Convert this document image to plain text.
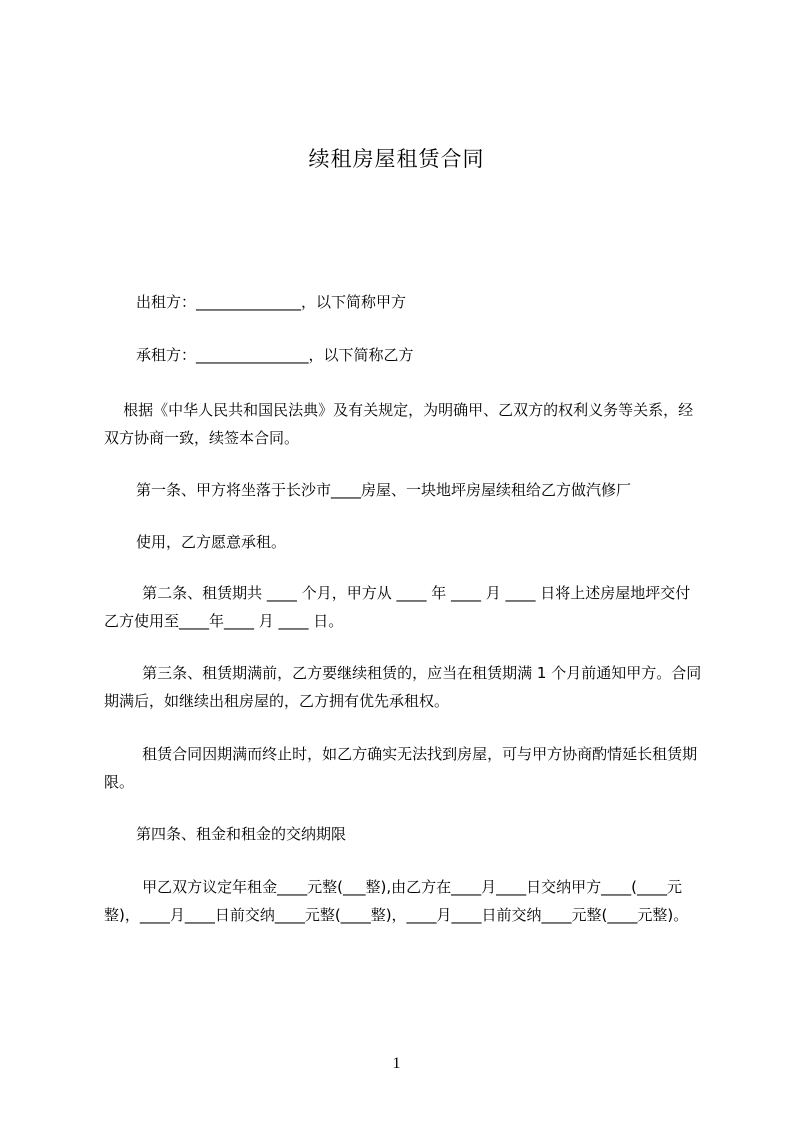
续租房屋租赁合同
出租方：______________，以下简称甲方
承租方：_______________，以下简称乙方
根据《中华人民共和国民法典》及有关规定，为明确甲、乙双方的权利义务等关系，经双方协商一致，续签本合同。
第一条、甲方将坐落于长沙市____房屋、一块地坪房屋续租给乙方做汽修厂
使用，乙方愿意承租。
第二条、租赁期共 ____ 个月，甲方从 ____ 年 ____ 月 ____ 日将上述房屋地坪交付乙方使用至____年____ 月 ____ 日。
第三条、租赁期满前，乙方要继续租赁的，应当在租赁期满 1 个月前通知甲方。合同期满后，如继续出租房屋的，乙方拥有优先承租权。
租赁合同因期满而终止时，如乙方确实无法找到房屋，可与甲方协商酌情延长租赁期限。
第四条、租金和租金的交纳期限
甲乙双方议定年租金____元整(___整),由乙方在____月____日交纳甲方____(____元整)，____月____日前交纳____元整(____整)，____月____日前交纳____元整(____元整)。
1
